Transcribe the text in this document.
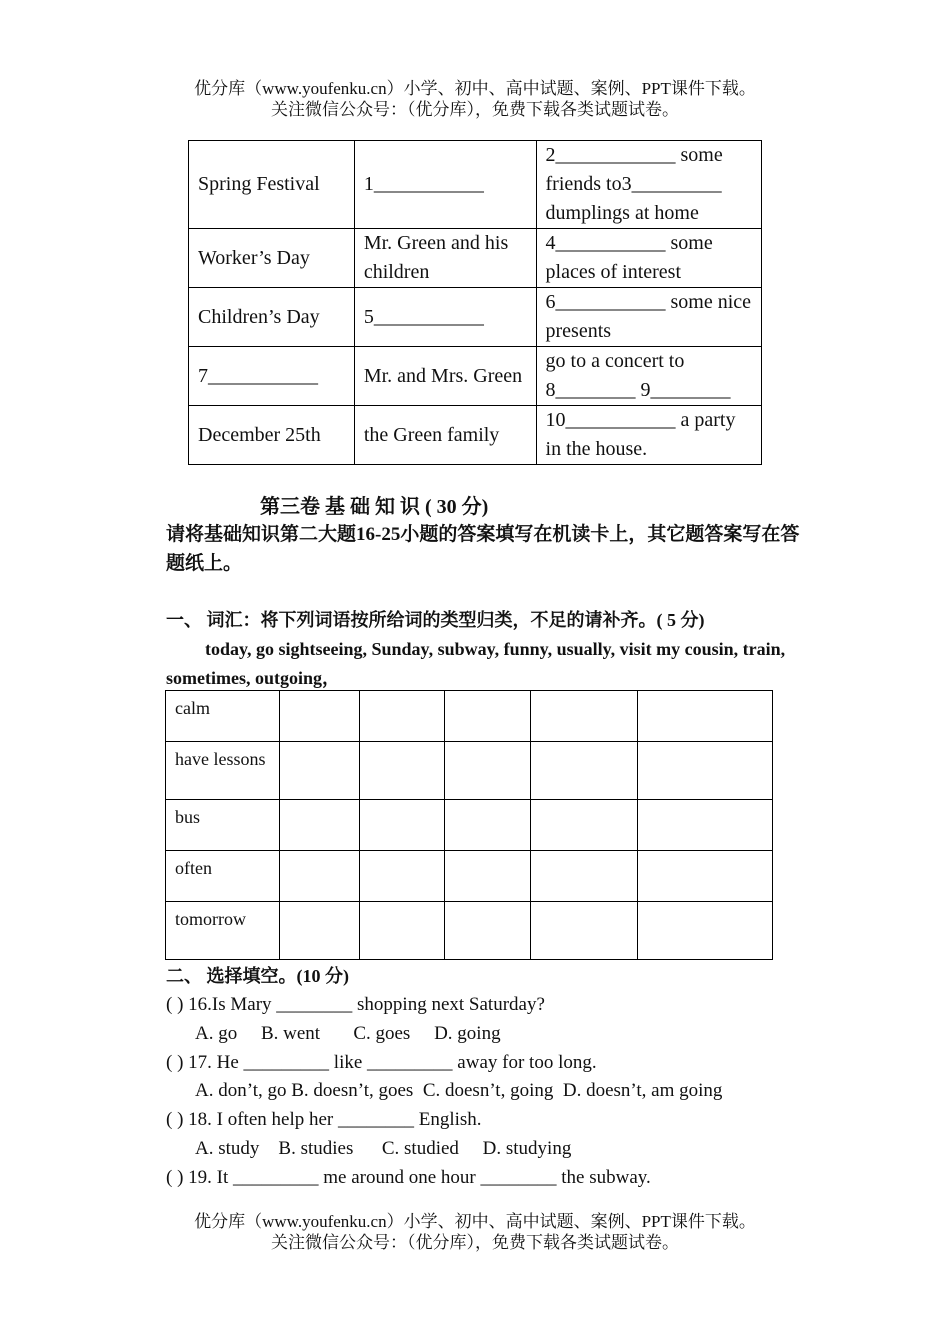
优分库（www.youfenku.cn）小学、初中、高中试题、案例、PPT课件下载。
关注微信公众号：（优分库），免费下载各类试题试卷。
Spring Festival	1___________	2____________ some friends to3_________ dumplings at home
Worker’s Day	Mr. Green and his children	4___________ some places of interest
Children’s Day	5___________	6___________ some nice presents
7___________	Mr. and Mrs. Green	go to a concert to 8________ 9________
December 25th	the Green family	10___________ a party in the house.
第三卷 基 础 知 识 ( 30 分)
请将基础知识第二大题16-25小题的答案填写在机读卡上，其它题答案写在答题纸上。
一、 词汇：将下列词语按所给词的类型归类，不足的请补齐。( 5 分)
today, go sightseeing, Sunday, subway, funny, usually, visit my cousin, train, sometimes, outgoing，
calm					
have lessons					
bus					
often					
tomorrow					
二、 选择填空。(10 分)
( ) 16.Is Mary ________ shopping next Saturday?
A. go     B. went       C. goes     D. going
( ) 17. He _________ like _________ away for too long.
A. don’t, go B. doesn’t, goes  C. doesn’t, going  D. doesn’t, am going
( ) 18. I often help her ________ English.
A. study    B. studies      C. studied     D. studying
( ) 19. It _________ me around one hour ________ the subway.
优分库（www.youfenku.cn）小学、初中、高中试题、案例、PPT课件下载。
关注微信公众号：（优分库），免费下载各类试题试卷。
